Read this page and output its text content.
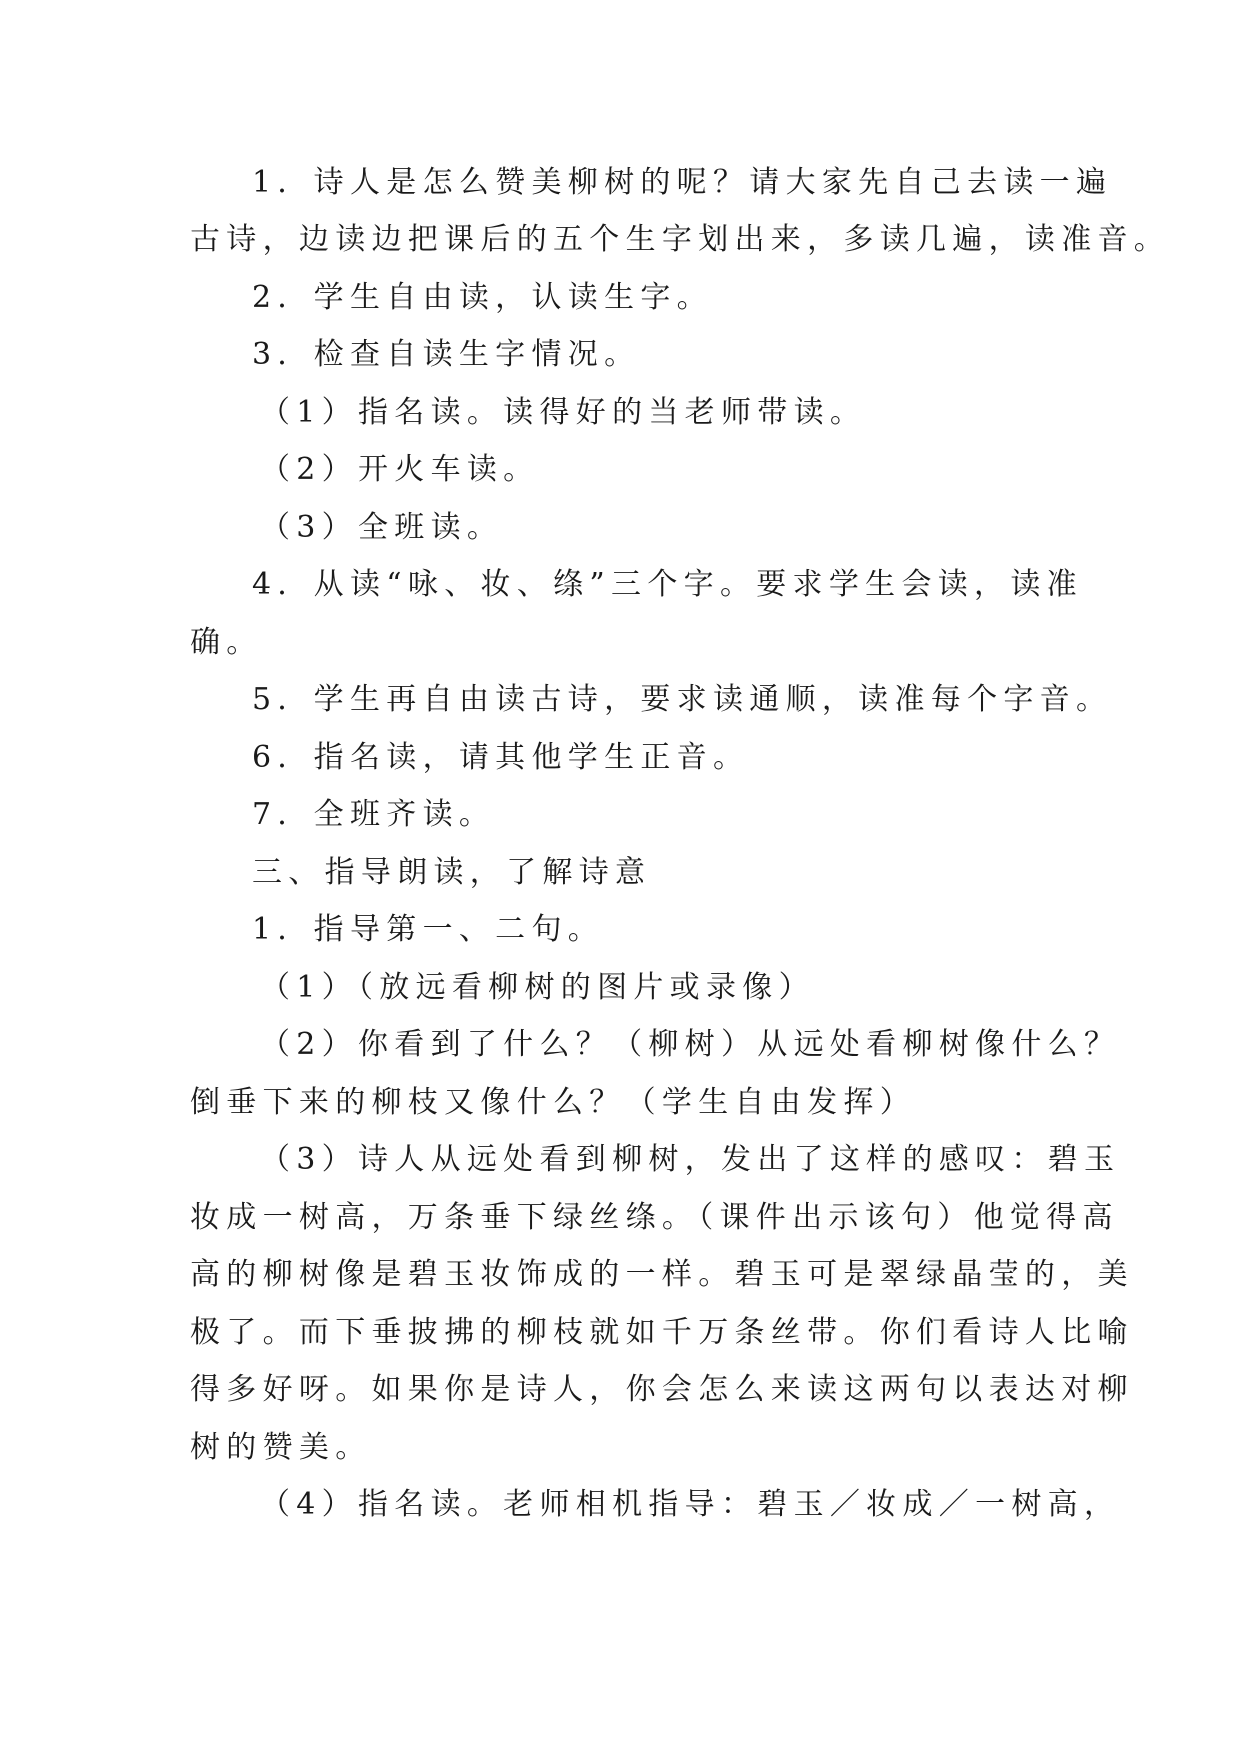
1．诗人是怎么赞美柳树的呢？请大家先自己去读一遍
古诗，边读边把课后的五个生字划出来，多读几遍，读准音。
2．学生自由读，认读生字。
3．检查自读生字情况。
（1）指名读。读得好的当老师带读。
（2）开火车读。
（3）全班读。
4．从读“咏、妆、绦”三个字。要求学生会读，读准
确。
5．学生再自由读古诗，要求读通顺，读准每个字音。
6．指名读，请其他学生正音。
7．全班齐读。
三、指导朗读，了解诗意
1．指导第一、二句。
（1）（放远看柳树的图片或录像）
（2）你看到了什么？（柳树）从远处看柳树像什么？
倒垂下来的柳枝又像什么？（学生自由发挥）
（3）诗人从远处看到柳树，发出了这样的感叹：碧玉
妆成一树高，万条垂下绿丝绦。（课件出示该句）他觉得高
高的柳树像是碧玉妆饰成的一样。碧玉可是翠绿晶莹的，美
极了。而下垂披拂的柳枝就如千万条丝带。你们看诗人比喻
得多好呀。如果你是诗人，你会怎么来读这两句以表达对柳
树的赞美。
（4）指名读。老师相机指导：碧玉／妆成／一树高，
